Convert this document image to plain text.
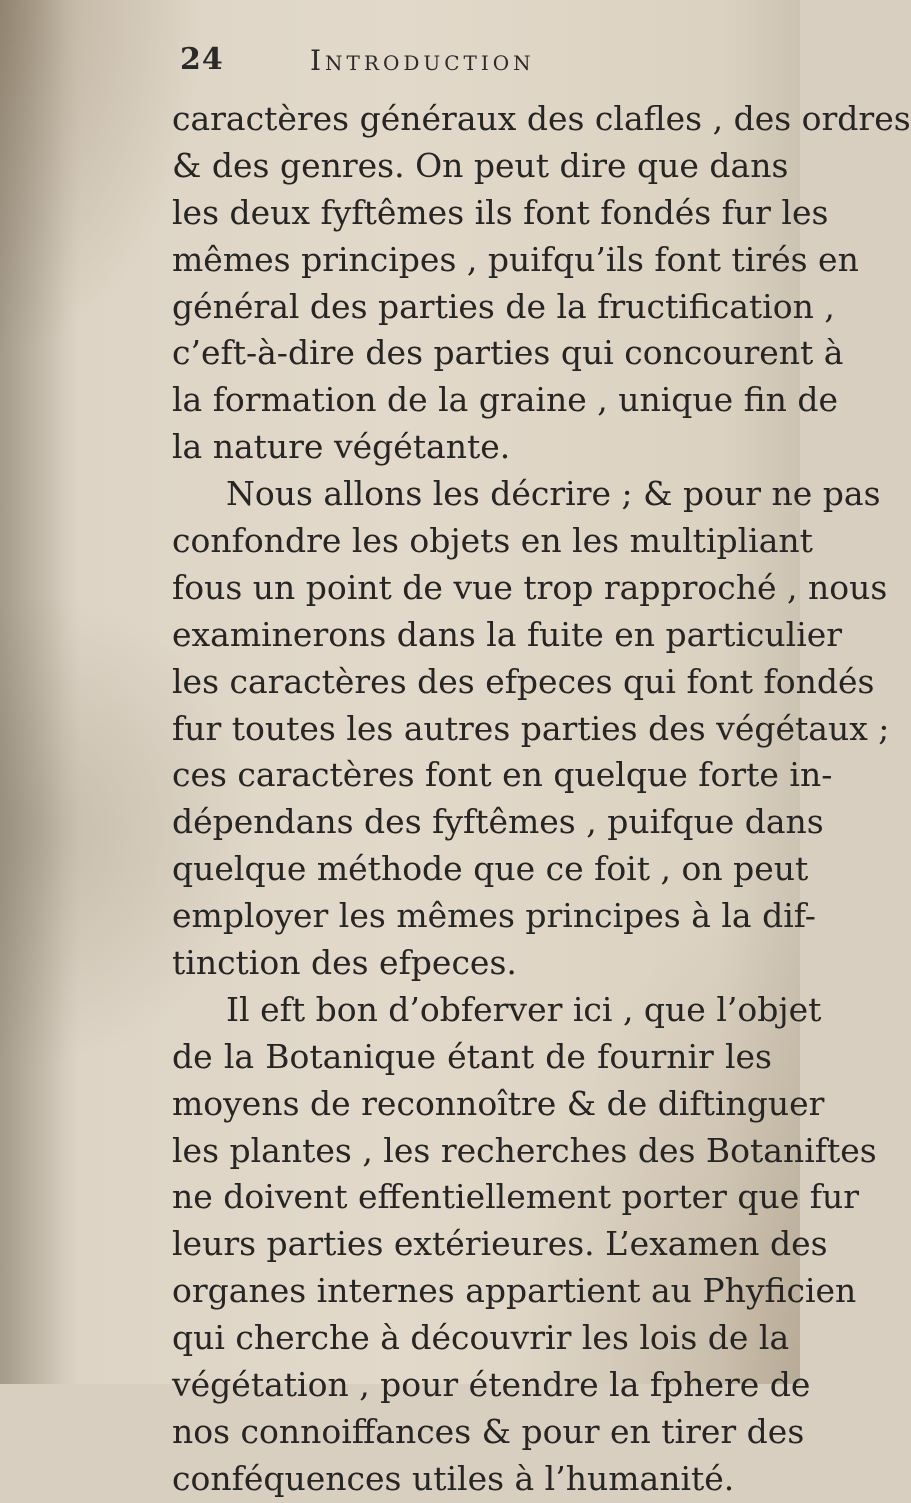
24	Introduction
caractères généraux des clafles , des ordres
& des genres. On peut dire que dans
les deux fyftêmes ils font fondés fur les
mêmes principes , puifqu’ils font tirés en
général des parties de la fructification ,
c’eft-à-dire des parties qui concourent à
la formation de la graine , unique fin de
la nature végétante.
Nous allons les décrire ; & pour ne pas
confondre les objets en les multipliant
fous un point de vue trop rapproché , nous
examinerons dans la fuite en particulier
les caractères des efpeces qui font fondés
fur toutes les autres parties des végétaux ;
ces caractères font en quelque forte in-
dépendans des fyftêmes , puifque dans
quelque méthode que ce foit , on peut
employer les mêmes principes à la dif-
tinction des efpeces.
Il eft bon d’obferver ici , que l’objet
de la Botanique étant de fournir les
moyens de reconnoître & de diftinguer
les plantes , les recherches des Botaniftes
ne doivent effentiellement porter que fur
leurs parties extérieures. L’examen des
organes internes appartient au Phyficien
qui cherche à découvrir les lois de la
végétation , pour étendre la fphere de
nos connoiffances & pour en tirer des
conféquences utiles à l’humanité.
